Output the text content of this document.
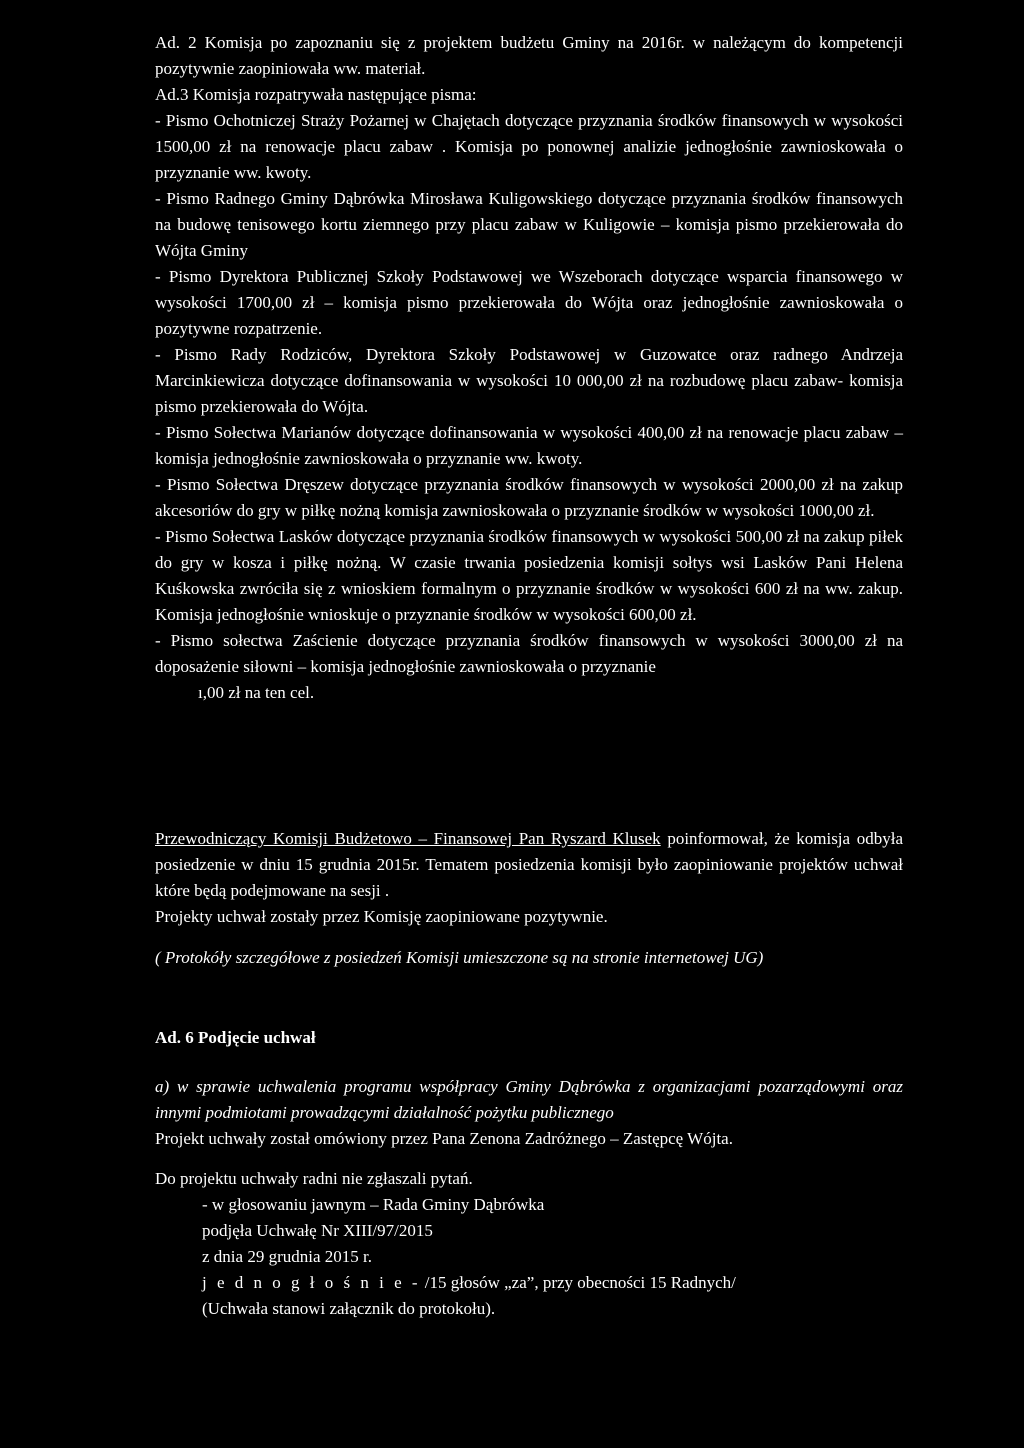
Ad. 2 Komisja po zapoznaniu się z projektem budżetu Gminy na 2016r. w należącym do kompetencji pozytywnie zaopiniowała ww. materiał.

Ad.3 Komisja rozpatrywała następujące pisma:

- Pismo Ochotniczej Straży Pożarnej w Chajętach dotyczące przyznania środków finansowych w wysokości 1500,00 zł na renowacje placu zabaw . Komisja po ponownej analizie jednogłośnie zawnioskowała o przyznanie ww. kwoty.

- Pismo Radnego Gminy Dąbrówka Mirosława Kuligowskiego dotyczące przyznania środków finansowych na budowę tenisowego kortu ziemnego przy placu zabaw w Kuligowie – komisja pismo przekierowała do Wójta Gminy

- Pismo Dyrektora Publicznej Szkoły Podstawowej we Wszeborach dotyczące wsparcia finansowego w wysokości 1700,00 zł – komisja pismo przekierowała do Wójta oraz jednogłośnie zawnioskowała o pozytywne rozpatrzenie.

- Pismo Rady Rodziców, Dyrektora Szkoły Podstawowej w Guzowatce oraz radnego Andrzeja Marcinkiewicza dotyczące dofinansowania w wysokości 10 000,00 zł na rozbudowę placu zabaw- komisja pismo przekierowała do Wójta.

- Pismo Sołectwa Marianów dotyczące dofinansowania w wysokości 400,00 zł na renowacje placu zabaw – komisja jednogłośnie zawnioskowała o przyznanie ww. kwoty.

- Pismo Sołectwa Dręszew dotyczące przyznania środków finansowych w wysokości 2000,00 zł na zakup akcesoriów do gry w piłkę nożną komisja zawnioskowała o przyznanie środków w wysokości 1000,00 zł.

- Pismo Sołectwa Lasków dotyczące przyznania środków finansowych w wysokości 500,00 zł na zakup piłek do gry w kosza i piłkę nożną. W czasie trwania posiedzenia komisji sołtys wsi Lasków Pani Helena Kuśkowska zwróciła się z wnioskiem formalnym o przyznanie środków w wysokości 600 zł na ww. zakup. Komisja jednogłośnie wnioskuje o przyznanie środków w wysokości 600,00 zł.

- Pismo sołectwa Zaścienie dotyczące przyznania środków finansowych w wysokości 3000,00 zł na doposażenie siłowni – komisja jednogłośnie zawnioskowała o przyznanie

ı,00 zł na ten cel.

Przewodniczący Komisji Budżetowo – Finansowej Pan Ryszard Klusek poinformował, że komisja odbyła posiedzenie w dniu 15 grudnia 2015r. Tematem posiedzenia komisji było zaopiniowanie projektów uchwał które będą podejmowane na sesji .

Projekty uchwał zostały przez Komisję zaopiniowane pozytywnie.

( Protokóły szczegółowe z posiedzeń Komisji umieszczone są na stronie internetowej UG)

Ad. 6 Podjęcie uchwał

a) w sprawie uchwalenia programu współpracy Gminy Dąbrówka z organizacjami pozarządowymi oraz innymi podmiotami prowadzącymi działalność pożytku publicznego

Projekt uchwały został omówiony przez Pana Zenona Zadróżnego – Zastępcę Wójta.

Do projektu uchwały radni nie zgłaszali pytań.

- w głosowaniu jawnym – Rada Gminy Dąbrówka

podjęła Uchwałę Nr XIII/97/2015

z dnia 29 grudnia 2015 r.

j e d n o g ł o ś n i e - /15 głosów „za”, przy obecności 15 Radnych/

(Uchwała stanowi załącznik do protokołu).
